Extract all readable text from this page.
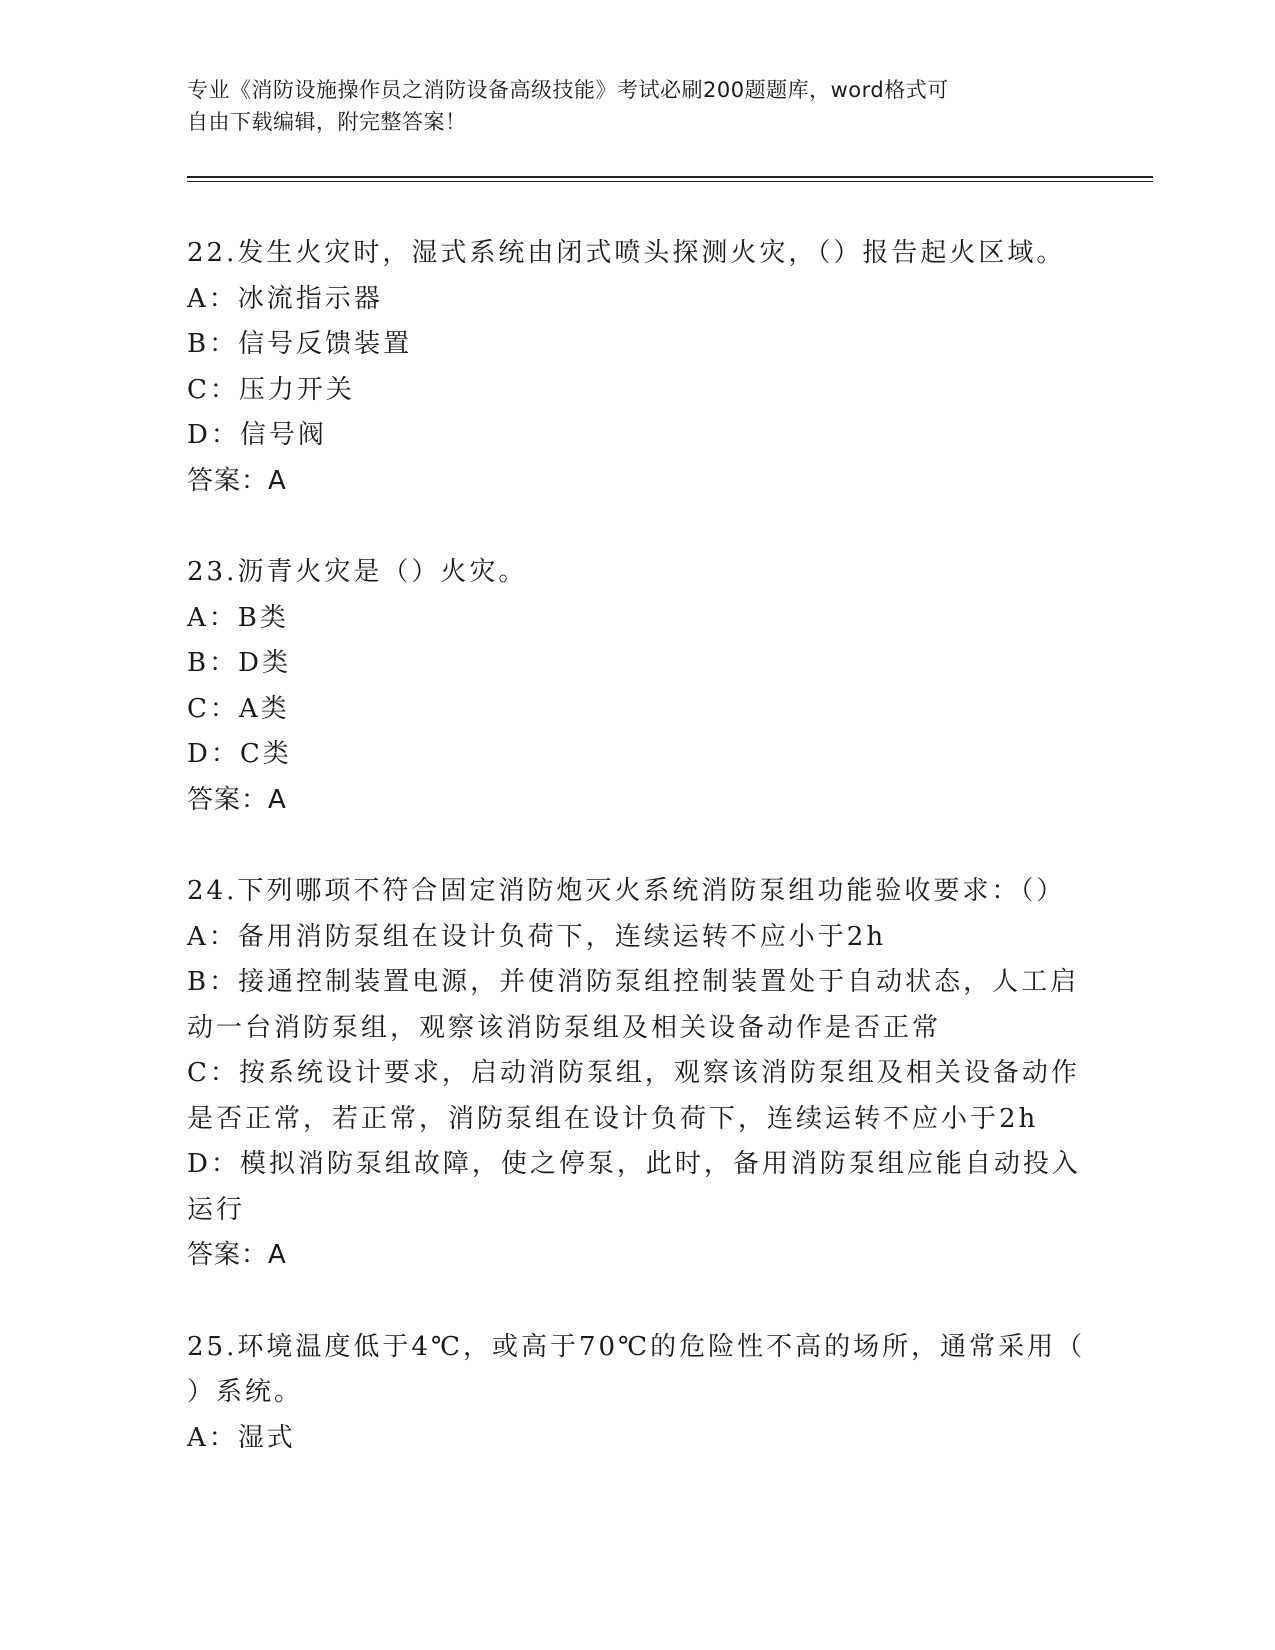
专业《消防设施操作员之消防设备高级技能》考试必刷200题题库，word格式可
自由下载编辑，附完整答案！
22.发生火灾时，湿式系统由闭式喷头探测火灾，（）报告起火区域。
A：冰流指示器
B：信号反馈装置
C：压力开关
D：信号阀
答案：A
23.沥青火灾是（）火灾。
A：B类
B：D类
C：A类
D：C类
答案：A
24.下列哪项不符合固定消防炮灭火系统消防泵组功能验收要求：（）
A：备用消防泵组在设计负荷下，连续运转不应小于2h
B：接通控制装置电源，并使消防泵组控制装置处于自动状态，人工启
动一台消防泵组，观察该消防泵组及相关设备动作是否正常
C：按系统设计要求，启动消防泵组，观察该消防泵组及相关设备动作
是否正常，若正常，消防泵组在设计负荷下，连续运转不应小于2h
D：模拟消防泵组故障，使之停泵，此时，备用消防泵组应能自动投入
运行
答案：A
25.环境温度低于4℃，或高于70℃的危险性不高的场所，通常采用（
）系统。
A：湿式
